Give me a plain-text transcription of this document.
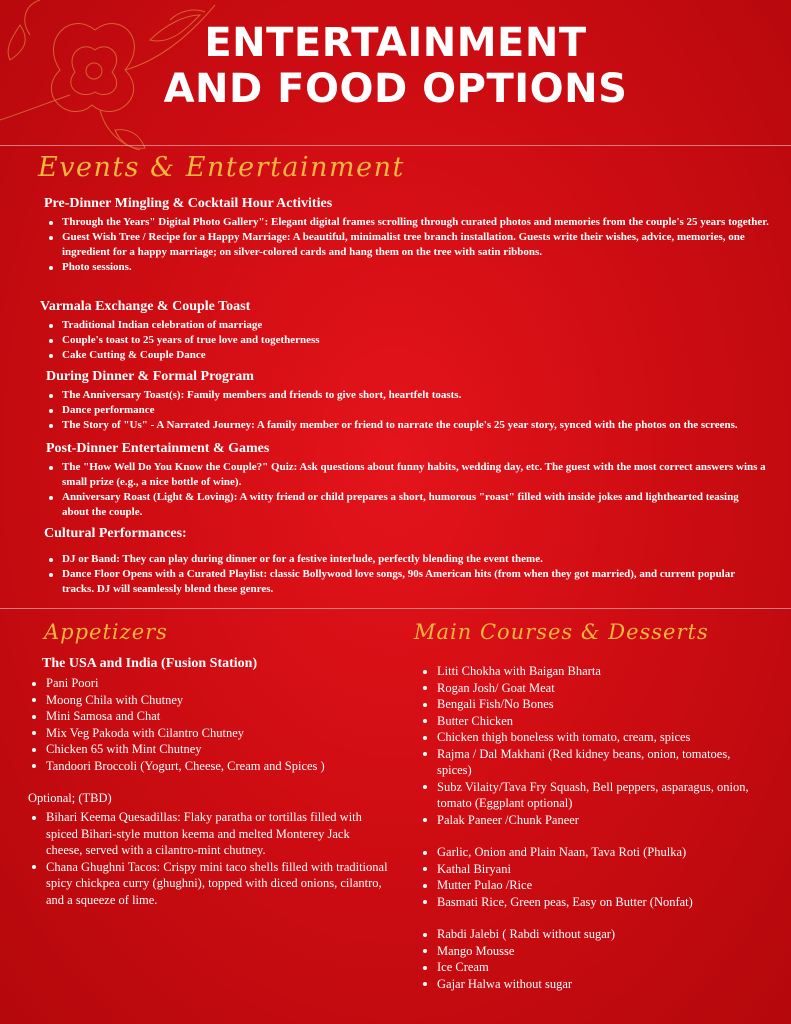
ENTERTAINMENT
AND FOOD OPTIONS
Events & Entertainment
Pre-Dinner Mingling & Cocktail Hour Activities
Through the Years" Digital Photo Gallery": Elegant digital frames scrolling through curated photos and memories from the couple's 25 years together.
Guest Wish Tree / Recipe for a Happy Marriage: A beautiful, minimalist tree branch installation. Guests write their wishes, advice, memories, one ingredient for a happy marriage; on silver-colored cards and hang them on the tree with satin ribbons.
Photo sessions.
Varmala Exchange & Couple Toast
Traditional Indian celebration of marriage
Couple's toast to 25 years of true love and togetherness
Cake Cutting & Couple Dance
During Dinner & Formal Program
The Anniversary Toast(s): Family members and friends to give short, heartfelt toasts.
Dance performance
The Story of "Us" - A Narrated Journey: A family member or friend to narrate the couple's 25 year story, synced with the photos on the screens.
Post-Dinner Entertainment & Games
The "How Well Do You Know the Couple?" Quiz: Ask questions about funny habits, wedding day, etc. The guest with the most correct answers wins a small prize (e.g., a nice bottle of wine).
Anniversary Roast (Light & Loving): A witty friend or child prepares a short, humorous "roast" filled with inside jokes and lighthearted teasing about the couple.
Cultural Performances:
DJ or Band: They can play during dinner or for a festive interlude, perfectly blending the event theme.
Dance Floor Opens with a Curated Playlist: classic Bollywood love songs, 90s American hits (from when they got married), and current popular tracks. DJ will seamlessly blend these genres.
Appetizers
The USA and India (Fusion Station)
Pani Poori
Moong Chila with Chutney
Mini Samosa and Chat
Mix Veg Pakoda with Cilantro Chutney
Chicken 65 with Mint Chutney
Tandoori Broccoli (Yogurt, Cheese, Cream and Spices )
Optional; (TBD)
Bihari Keema Quesadillas: Flaky paratha or tortillas filled with spiced Bihari-style mutton keema and melted Monterey Jack cheese, served with a cilantro-mint chutney.
Chana Ghughni Tacos: Crispy mini taco shells filled with traditional spicy chickpea curry (ghughni), topped with diced onions, cilantro, and a squeeze of lime.
Main Courses & Desserts
Litti Chokha with Baigan Bharta
Rogan Josh/ Goat Meat
Bengali Fish/No Bones
Butter Chicken
Chicken thigh boneless with tomato, cream, spices
Rajma / Dal Makhani (Red kidney beans, onion, tomatoes, spices)
Subz Vilaity/Tava Fry Squash, Bell peppers, asparagus, onion, tomato (Eggplant optional)
Palak Paneer /Chunk Paneer
Garlic, Onion and Plain Naan, Tava Roti (Phulka)
Kathal Biryani
Mutter Pulao /Rice
Basmati Rice, Green peas, Easy on Butter (Nonfat)
Rabdi Jalebi ( Rabdi without sugar)
Mango Mousse
Ice Cream
Gajar Halwa without sugar
